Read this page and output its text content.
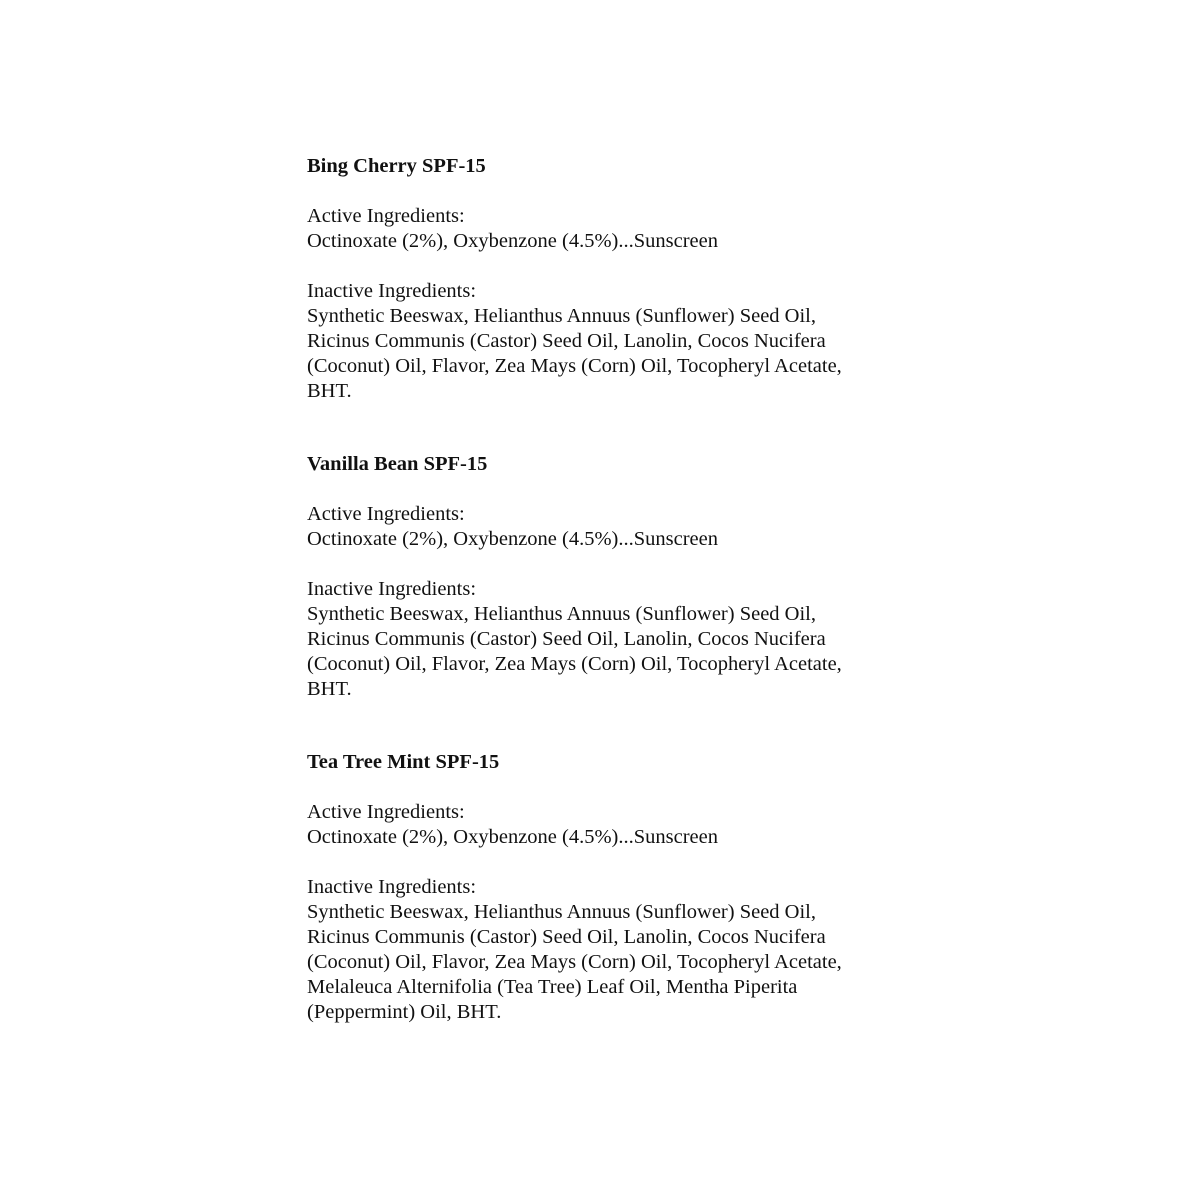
Bing Cherry SPF-15

Active Ingredients:

Octinoxate (2%), Oxybenzone (4.5%)...Sunscreen

Inactive Ingredients:

Synthetic Beeswax, Helianthus Annuus (Sunflower) Seed Oil,
Ricinus Communis (Castor) Seed Oil, Lanolin, Cocos Nucifera
(Coconut) Oil, Flavor, Zea Mays (Corn) Oil, Tocopheryl Acetate,
BHT.

Vanilla Bean SPF-15

Active Ingredients:

Octinoxate (2%), Oxybenzone (4.5%)...Sunscreen

Inactive Ingredients:

Synthetic Beeswax, Helianthus Annuus (Sunflower) Seed Oil,
Ricinus Communis (Castor) Seed Oil, Lanolin, Cocos Nucifera
(Coconut) Oil, Flavor, Zea Mays (Corn) Oil, Tocopheryl Acetate,
BHT.

Tea Tree Mint SPF-15

Active Ingredients:

Octinoxate (2%), Oxybenzone (4.5%)...Sunscreen

Inactive Ingredients:

Synthetic Beeswax, Helianthus Annuus (Sunflower) Seed Oil,
Ricinus Communis (Castor) Seed Oil, Lanolin, Cocos Nucifera
(Coconut) Oil, Flavor, Zea Mays (Corn) Oil, Tocopheryl Acetate,
Melaleuca Alternifolia (Tea Tree) Leaf Oil, Mentha Piperita
(Peppermint) Oil, BHT.
